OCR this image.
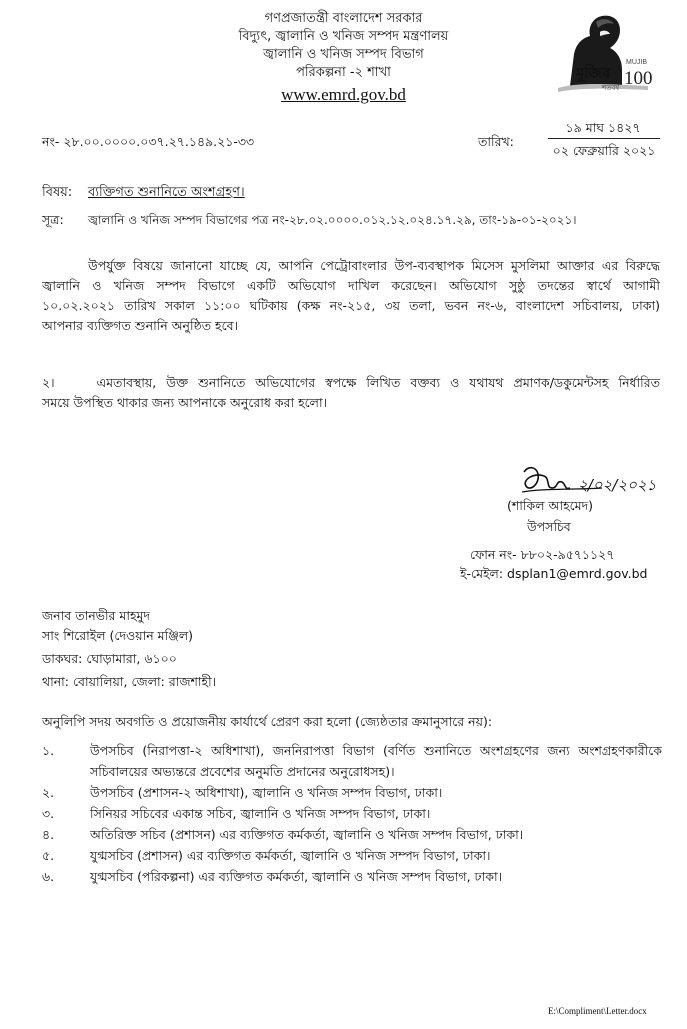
গণপ্রজাতন্ত্রী বাংলাদেশ সরকার
বিদ্যুৎ, জ্বালানি ও খনিজ সম্পদ মন্ত্রণালয়
জ্বালানি ও খনিজ সম্পদ বিভাগ
পরিকল্পনা -২ শাখা
www.emrd.gov.bd
মুজিব
MUJIB
100
শতবর্ষ
নং- ২৮.০০.০০০০.০৩৭.২৭.১৪৯.২১-৩৩	তারিখ:
১৯ মাঘ ১৪২৭
০২ ফেব্রুয়ারি ২০২১
বিষয়: ব্যক্তিগত শুনানিতে অংশগ্রহণ।
সূত্র: জ্বালানি ও খনিজ সম্পদ বিভাগের পত্র নং-২৮.০২.০০০০.০১২.১২.০২৪.১৭.২৯, তাং-১৯-০১-২০২১।
উপর্যুক্ত বিষয়ে জানানো যাচ্ছে যে, আপনি পেট্রোবাংলার উপ-ব্যবস্থাপক মিসেস মুসলিমা আক্তার এর বিরুদ্ধে
জ্বালানি ও খনিজ সম্পদ বিভাগে একটি অভিযোগ দাখিল করেছেন। অভিযোগ সুষ্ঠু তদন্তের স্বার্থে আগামী
১০.০২.২০২১ তারিখ সকাল ১১:০০ ঘটিকায় (কক্ষ নং-২১৫, ৩য় তলা, ভবন নং-৬, বাংলাদেশ সচিবালয়, ঢাকা)
আপনার ব্যক্তিগত শুনানি অনুষ্ঠিত হবে।
২।	এমতাবস্থায়, উক্ত শুনানিতে অভিযোগের স্বপক্ষে লিখিত বক্তব্য ও যথাযথ প্রমাণক/ডকুমেন্টসহ নির্ধারিত
সময়ে উপস্থিত থাকার জন্য আপনাকে অনুরোধ করা হলো।
২/০২/২০২১
(শাকিল আহমেদ)
উপসচিব
ফোন নং- ৮৮০২-৯৫৭১১২৭
ই-মেইল: dsplan1@emrd.gov.bd
জনাব তানভীর মাহমুদ
সাং শিরোইল (দেওয়ান মঞ্জিল)
ডাকঘর: ঘোড়ামারা, ৬১০০
থানা: বোয়ালিয়া, জেলা: রাজশাহী।
অনুলিপি সদয় অবগতি ও প্রয়োজনীয় কার্যার্থে প্রেরণ করা হলো (জ্যেষ্ঠতার ক্রমানুসারে নয়):
১.	উপসচিব (নিরাপত্তা-২ অধিশাখা), জননিরাপত্তা বিভাগ (বর্ণিত শুনানিতে অংশগ্রহণের জন্য অংশগ্রহণকারীকে
সচিবালয়ের অভ্যন্তরে প্রবেশের অনুমতি প্রদানের অনুরোধসহ)।
২.	উপসচিব (প্রশাসন-২ অধিশাখা), জ্বালানি ও খনিজ সম্পদ বিভাগ, ঢাকা।
৩.	সিনিয়র সচিবের একান্ত সচিব, জ্বালানি ও খনিজ সম্পদ বিভাগ, ঢাকা।
৪.	অতিরিক্ত সচিব (প্রশাসন) এর ব্যক্তিগত কর্মকর্তা, জ্বালানি ও খনিজ সম্পদ বিভাগ, ঢাকা।
৫.	যুগ্মসচিব (প্রশাসন) এর ব্যক্তিগত কর্মকর্তা, জ্বালানি ও খনিজ সম্পদ বিভাগ, ঢাকা।
৬.	যুগ্মসচিব (পরিকল্পনা) এর ব্যক্তিগত কর্মকর্তা, জ্বালানি ও খনিজ সম্পদ বিভাগ, ঢাকা।
E:\Compliment\Letter.docx
